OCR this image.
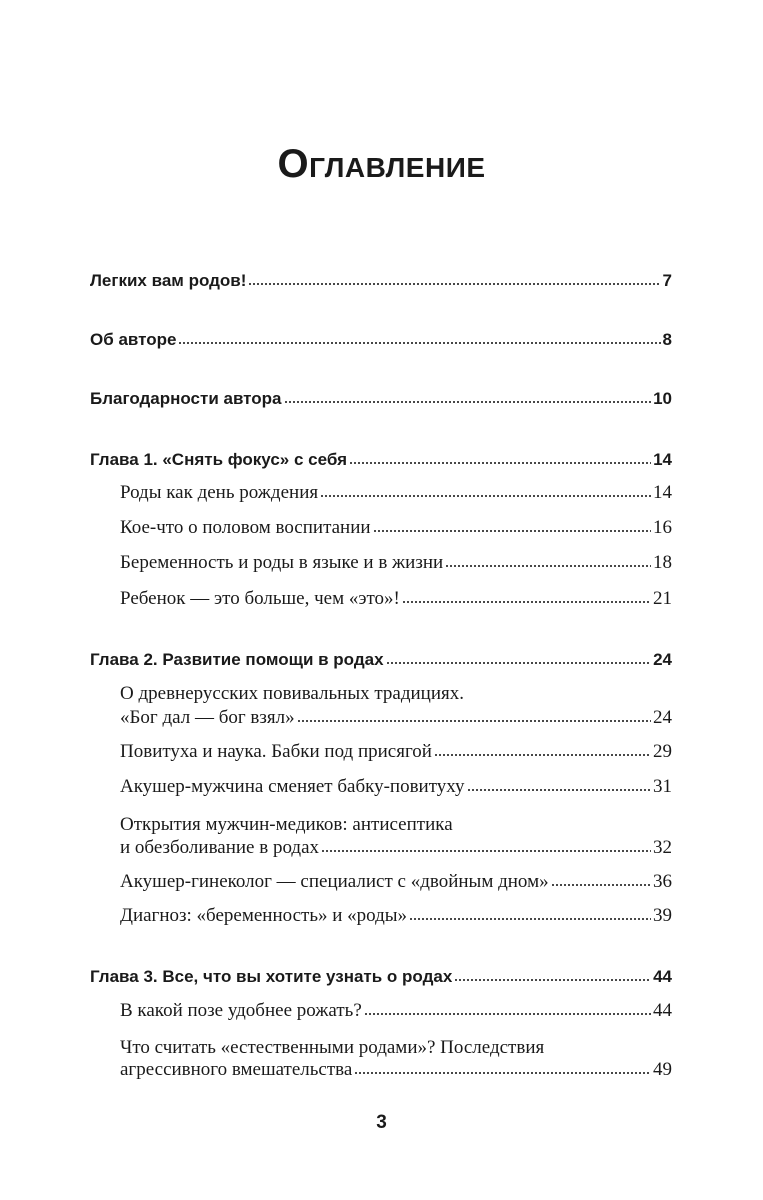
Оглавление
Легких вам родов!	7
Об авторе	8
Благодарности автора	10
Глава 1. «Снять фокус» с себя	14
Роды как день рождения	14
Кое-что о половом воспитании	16
Беременность и роды в языке и в жизни	18
Ребенок — это больше, чем «это»!	21
Глава 2. Развитие помощи в родах	24
О древнерусских повивальных традициях.
«Бог дал — бог взял»	24
Повитуха и наука. Бабки под присягой	29
Акушер-мужчина сменяет бабку-повитуху	31
Открытия мужчин-медиков: антисептика
и обезболивание в родах	32
Акушер-гинеколог — специалист с «двойным дном»	36
Диагноз: «беременность» и «роды»	39
Глава 3. Все, что вы хотите узнать о родах	44
В какой позе удобнее рожать?	44
Что считать «естественными родами»? Последствия
агрессивного вмешательства	49
3
